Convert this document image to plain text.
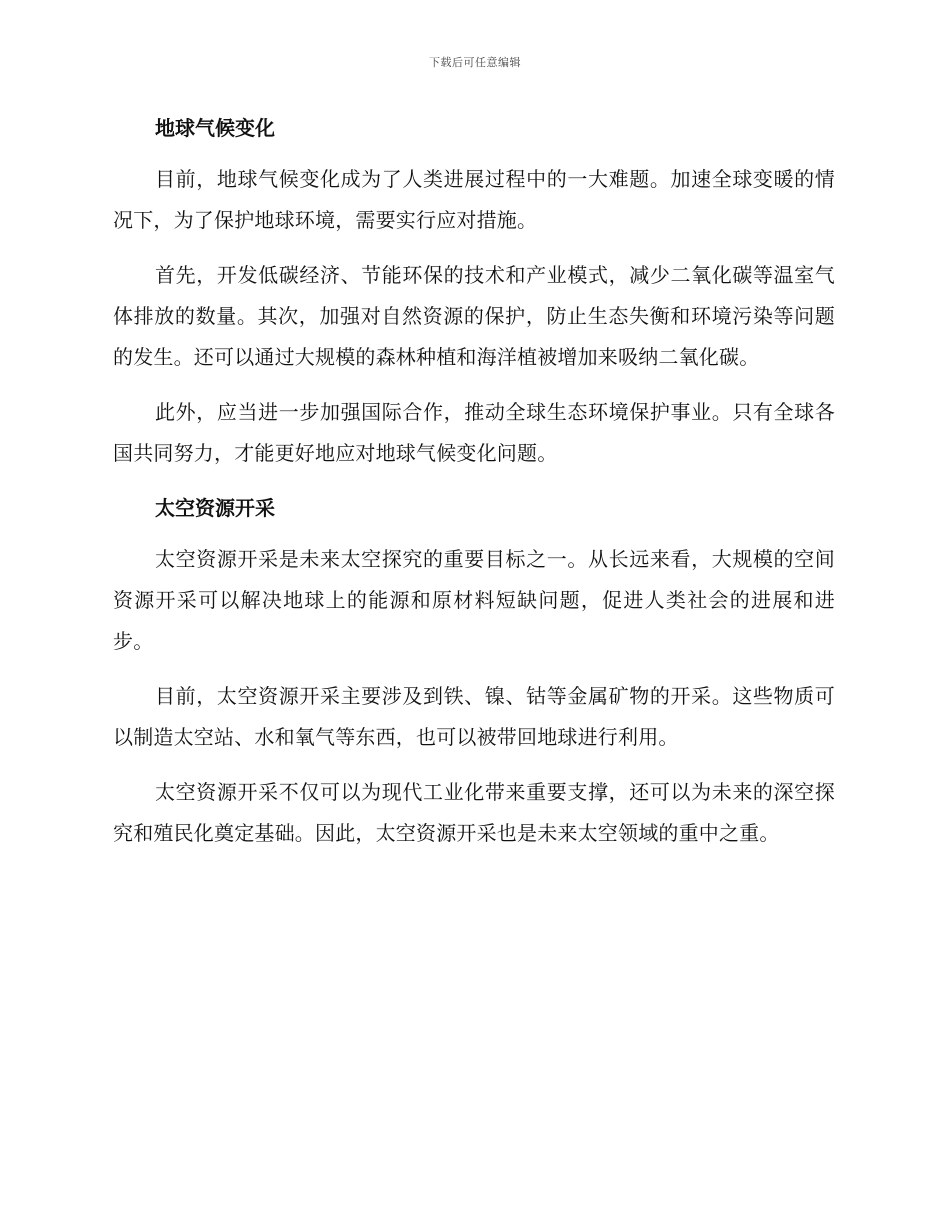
下载后可任意编辑
地球气候变化

目前，地球气候变化成为了人类进展过程中的一大难题。加速全球变暖的情况下，为了保护地球环境，需要实行应对措施。

首先，开发低碳经济、节能环保的技术和产业模式，减少二氧化碳等温室气体排放的数量。其次，加强对自然资源的保护，防止生态失衡和环境污染等问题的发生。还可以通过大规模的森林种植和海洋植被增加来吸纳二氧化碳。

此外，应当进一步加强国际合作，推动全球生态环境保护事业。只有全球各国共同努力，才能更好地应对地球气候变化问题。

太空资源开采

太空资源开采是未来太空探究的重要目标之一。从长远来看，大规模的空间资源开采可以解决地球上的能源和原材料短缺问题，促进人类社会的进展和进步。

目前，太空资源开采主要涉及到铁、镍、钴等金属矿物的开采。这些物质可以制造太空站、水和氧气等东西，也可以被带回地球进行利用。

太空资源开采不仅可以为现代工业化带来重要支撑，还可以为未来的深空探究和殖民化奠定基础。因此，太空资源开采也是未来太空领域的重中之重。
